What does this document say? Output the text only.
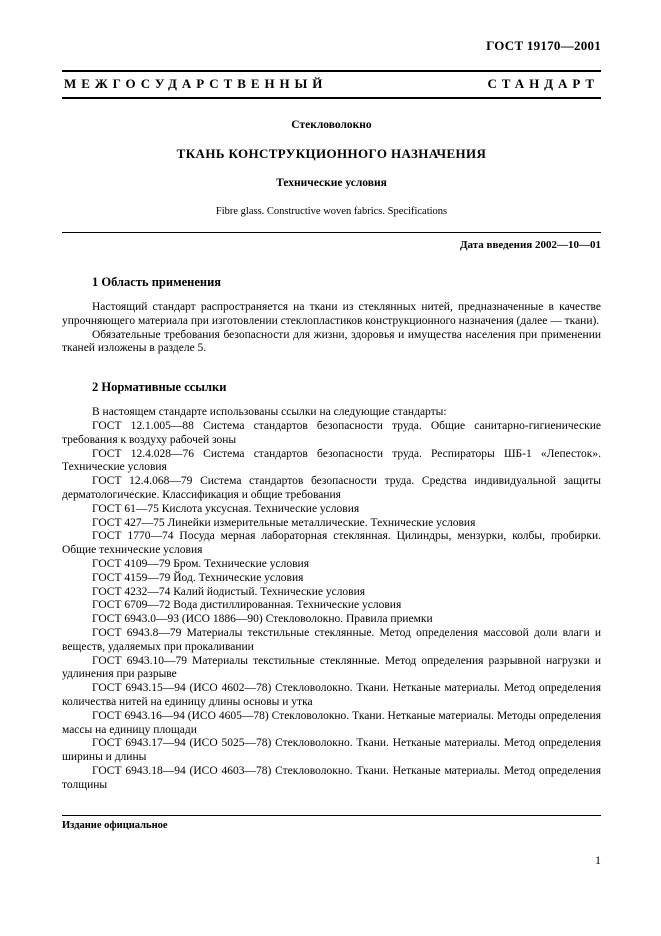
ГОСТ 19170—2001
МЕЖГОСУДАРСТВЕННЫЙ СТАНДАРТ
Стекловолокно
ТКАНЬ КОНСТРУКЦИОННОГО НАЗНАЧЕНИЯ
Технические условия
Fibre glass. Constructive woven fabrics. Specifications
Дата введения 2002—10—01
1 Область применения

Настоящий стандарт распространяется на ткани из стеклянных нитей, предназначенные в качестве упрочняющего материала при изготовлении стеклопластиков конструкционного назначения (далее — ткани).

Обязательные требования безопасности для жизни, здоровья и имущества населения при применении тканей изложены в разделе 5.

2 Нормативные ссылки

В настоящем стандарте использованы ссылки на следующие стандарты:

ГОСТ 12.1.005—88 Система стандартов безопасности труда. Общие санитарно-гигиенические требования к воздуху рабочей зоны

ГОСТ 12.4.028—76 Система стандартов безопасности труда. Респираторы ШБ-1 «Лепесток». Технические условия

ГОСТ 12.4.068—79 Система стандартов безопасности труда. Средства индивидуальной защиты дерматологические. Классификация и общие требования

ГОСТ 61—75 Кислота уксусная. Технические условия

ГОСТ 427—75 Линейки измерительные металлические. Технические условия

ГОСТ 1770—74 Посуда мерная лабораторная стеклянная. Цилиндры, мензурки, колбы, пробирки. Общие технические условия

ГОСТ 4109—79 Бром. Технические условия

ГОСТ 4159—79 Йод. Технические условия

ГОСТ 4232—74 Калий йодистый. Технические условия

ГОСТ 6709—72 Вода дистиллированная. Технические условия

ГОСТ 6943.0—93 (ИСО 1886—90) Стекловолокно. Правила приемки

ГОСТ 6943.8—79 Материалы текстильные стеклянные. Метод определения массовой доли влаги и веществ, удаляемых при прокаливании

ГОСТ 6943.10—79 Материалы текстильные стеклянные. Метод определения разрывной нагрузки и удлинения при разрыве

ГОСТ 6943.15—94 (ИСО 4602—78) Стекловолокно. Ткани. Нетканые материалы. Метод определения количества нитей на единицу длины основы и утка

ГОСТ 6943.16—94 (ИСО 4605—78) Стекловолокно. Ткани. Нетканые материалы. Методы определения массы на единицу площади

ГОСТ 6943.17—94 (ИСО 5025—78) Стекловолокно. Ткани. Нетканые материалы. Метод определения ширины и длины

ГОСТ 6943.18—94 (ИСО 4603—78) Стекловолокно. Ткани. Нетканые материалы. Метод определения толщины

Издание официальное
1
